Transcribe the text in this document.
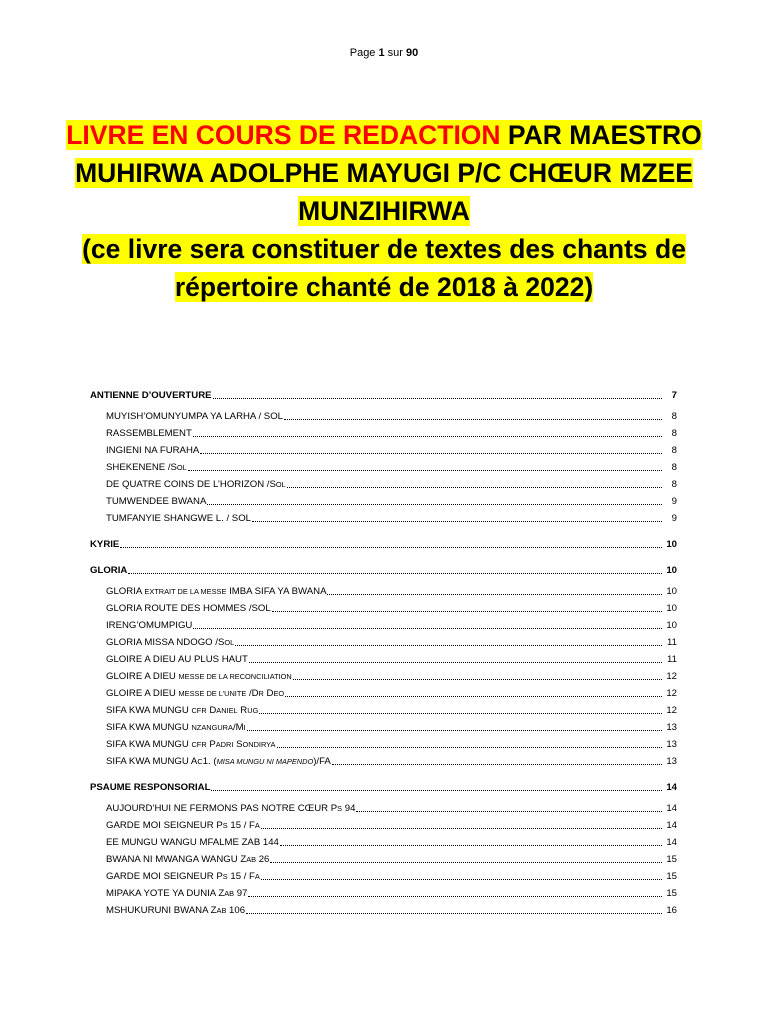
Page 1 sur 90
LIVRE EN COURS DE REDACTION PAR MAESTRO
MUHIRWA ADOLPHE MAYUGI P/C CHŒUR MZEE
MUNZIHIRWA
(ce livre sera constituer de textes des chants de
répertoire chanté de 2018 à 2022)
ANTIENNE D’OUVERTURE	7
MUYISH’OMUNYUMPA YA LARHA / SOL	8
RASSEMBLEMENT	8
INGIENI NA FURAHA	8
SHEKENENE /SOL	8
DE QUATRE COINS DE L’HORIZON /SOL	8
TUMWENDEE BWANA	9
TUMFANYIE SHANGWE L. / SOL	9
KYRIE	10
GLORIA	10
GLORIA EXTRAIT DE LA MESSE IMBA SIFA YA BWANA	10
GLORIA ROUTE DES HOMMES /SOL	10
IRENG’OMUMPIGU	10
GLORIA MISSA NDOGO /SOL	11
GLOIRE A DIEU AU PLUS HAUT	11
GLOIRE A DIEU MESSE DE LA RECONCILIATION	12
GLOIRE A DIEU MESSE DE L’UNITE /DR DEO	12
SIFA KWA MUNGU CFR DANIEL RUG	12
SIFA KWA MUNGU NZANGURA/MI	13
SIFA KWA MUNGU CFR PADRI SONDIRYA	13
SIFA KWA MUNGU AC1. (MISA MUNGU NI MAPENDO)/FA	13
PSAUME RESPONSORIAL	14
AUJOURD’HUI NE FERMONS PAS NOTRE CŒUR PS 94	14
GARDE MOI SEIGNEUR PS 15 / FA	14
EE MUNGU WANGU MFALME ZAB 144	14
BWANA NI MWANGA WANGU ZAB 26	15
GARDE MOI SEIGNEUR PS 15 / FA	15
MIPAKA YOTE YA DUNIA ZAB 97	15
MSHUKURUNI BWANA ZAB 106	16
